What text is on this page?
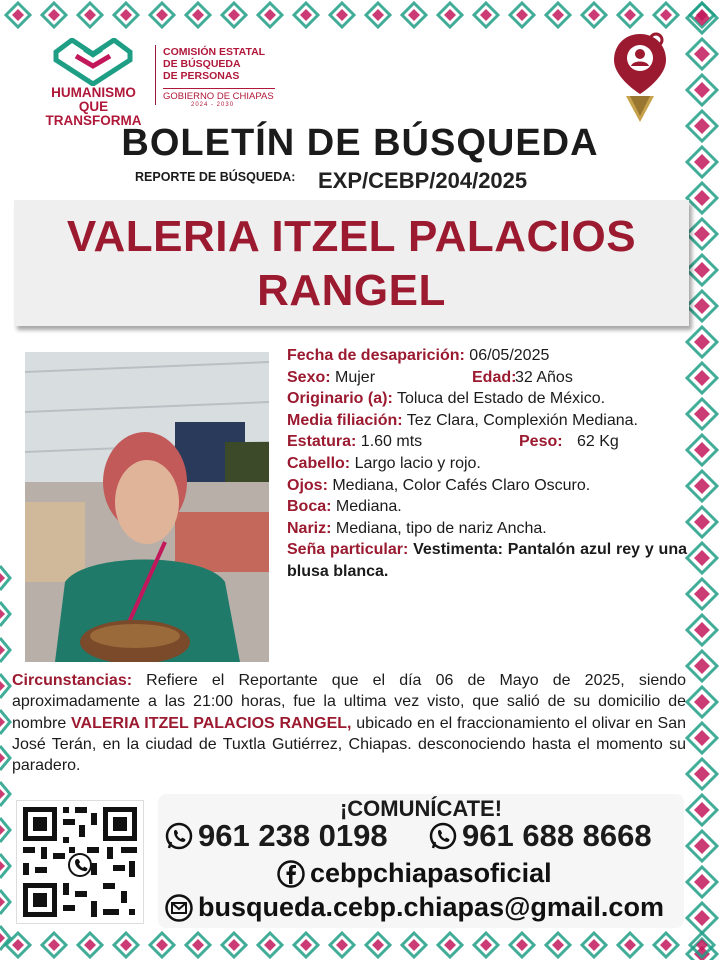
HUMANISMO QUE
TRANSFORMA
COMISIÓN ESTATAL
DE BÚSQUEDA
DE PERSONAS
GOBIERNO DE CHIAPAS
2024 - 2030
BOLETÍN DE BÚSQUEDA
REPORTE DE BÚSQUEDA: EXP/CEBP/204/2025
VALERIA ITZEL PALACIOS
RANGEL
Fecha de desaparición: 06/05/2025
Sexo: Mujer	Edad:
32 Años
Originario (a): Toluca del Estado de México.
Media filiación: Tez Clara, Complexión Mediana.
Estatura: 1.60 mts	Peso: 62 Kg
Cabello: Largo lacio y rojo.
Ojos: Mediana, Color Cafés Claro Oscuro.
Boca: Mediana.
Nariz: Mediana, tipo de nariz Ancha.
Seña particular: Vestimenta: Pantalón azul rey y una blusa blanca.
Circunstancias: Refiere el Reportante que el día 06 de Mayo de 2025, siendo aproximadamente a las 21:00 horas, fue la ultima vez visto, que salió de su domicilio de nombre VALERIA ITZEL PALACIOS RANGEL, ubicado en el fraccionamiento el olivar en San José Terán, en la ciudad de Tuxtla Gutiérrez, Chiapas. desconociendo hasta el momento su paradero.
¡COMUNÍCATE!
961 238 0198 961 688 8668
cebpchiapasoficial
busqueda.cebp.chiapas@gmail.com
